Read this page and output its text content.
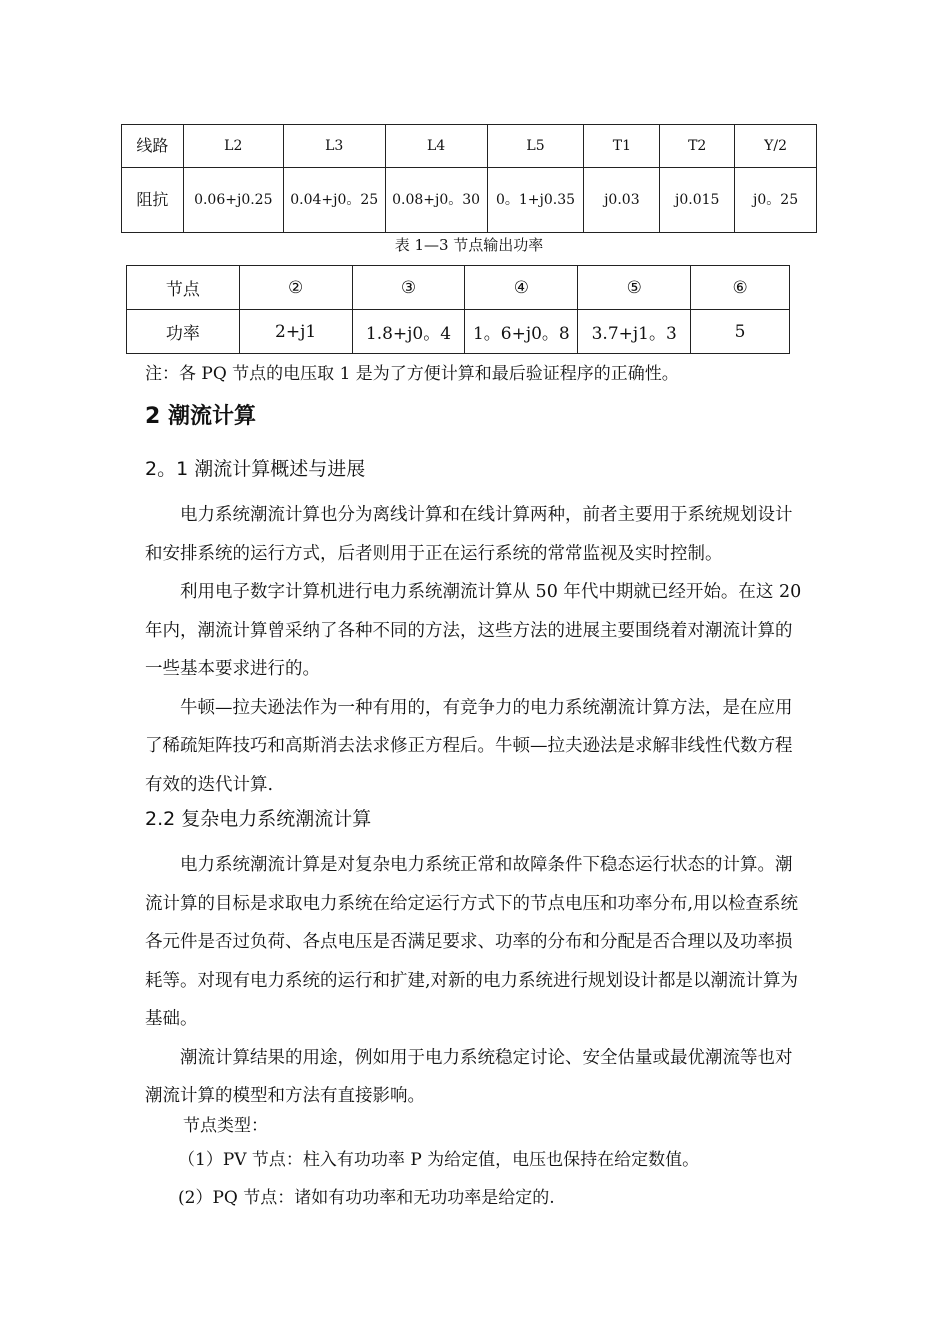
线路	L2	L3	L4	L5	T1	T2	Y/2
阻抗	0.06+j0.25	0.04+j0。25	0.08+j0。30	0。1+j0.35	j0.03	j0.015	j0。25
表 1—3 节点输出功率
节点	②	③	④	⑤	⑥
功率	2+j1	1.8+j0。4	1。6+j0。8	3.7+j1。3	5
注：各 PQ 节点的电压取 1 是为了方便计算和最后验证程序的正确性。
2 潮流计算
2。1 潮流计算概述与进展
电力系统潮流计算也分为离线计算和在线计算两种，前者主要用于系统规划设计和安排系统的运行方式，后者则用于正在运行系统的常常监视及实时控制。
利用电子数字计算机进行电力系统潮流计算从 50 年代中期就已经开始。在这 20 年内，潮流计算曾采纳了各种不同的方法，这些方法的进展主要围绕着对潮流计算的一些基本要求进行的。
牛顿—拉夫逊法作为一种有用的，有竞争力的电力系统潮流计算方法，是在应用了稀疏矩阵技巧和高斯消去法求修正方程后。牛顿—拉夫逊法是求解非线性代数方程有效的迭代计算.
2.2 复杂电力系统潮流计算
电力系统潮流计算是对复杂电力系统正常和故障条件下稳态运行状态的计算。潮流计算的目标是求取电力系统在给定运行方式下的节点电压和功率分布,用以检查系统各元件是否过负荷、各点电压是否满足要求、功率的分布和分配是否合理以及功率损耗等。对现有电力系统的运行和扩建,对新的电力系统进行规划设计都是以潮流计算为基础。
潮流计算结果的用途，例如用于电力系统稳定讨论、安全估量或最优潮流等也对潮流计算的模型和方法有直接影响。
节点类型：
（1）PV 节点：柱入有功功率 P 为给定值，电压也保持在给定数值。
(2）PQ 节点：诸如有功功率和无功功率是给定的.
